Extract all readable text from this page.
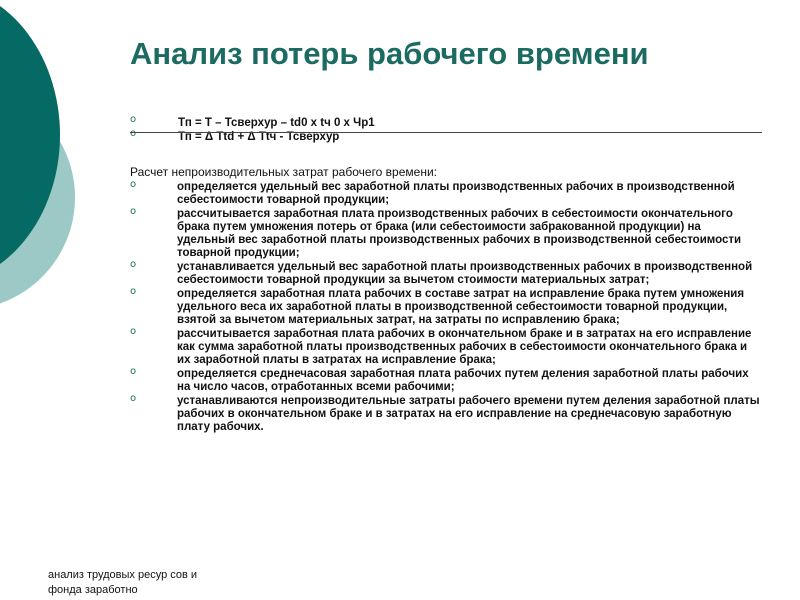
Анализ потерь рабочего времени
o	Тп = Т – Тсверхур – td0 x tч 0 x Чр1
o	Тп = Δ Ttd + Δ Ttч - Тсверхур

Расчет непроизводительных затрат рабочего времени:

o	определяется удельный вес заработной платы производственных рабочих в производственной себестоимости товарной продукции;
o	рассчитывается заработная плата производственных рабочих в себестоимости окончательного брака путем умножения потерь от брака (или себестоимости забракованной продукции) на удельный вес заработной платы производственных рабочих в производственной себестоимости товарной продукции;
o	устанавливается удельный вес заработной платы производственных рабочих в производственной себестоимости товарной продукции за вычетом стоимости материальных затрат;
o	определяется заработная плата рабочих в составе затрат на исправление брака путем умножения удельного веса их заработной платы в производственной себестоимости товарной продукции, взятой за вычетом материальных затрат, на затраты по исправлению брака;
o	рассчитывается заработная плата рабочих в окончательном браке и в затратах на его исправление как сумма заработной платы производственных рабочих в себестоимости окончательного брака и их заработной платы в затратах на исправление брака;
o	определяется среднечасовая заработная плата рабочих путем деления заработной платы рабочих на число часов, отработанных всеми рабочими;
o	устанавливаются непроизводительные затраты рабочего времени путем деления заработной платы рабочих в окончательном браке и в затратах на его исправление на среднечасовую заработную плату рабочих.

анализ трудовых ресур сов и фонда заработно
